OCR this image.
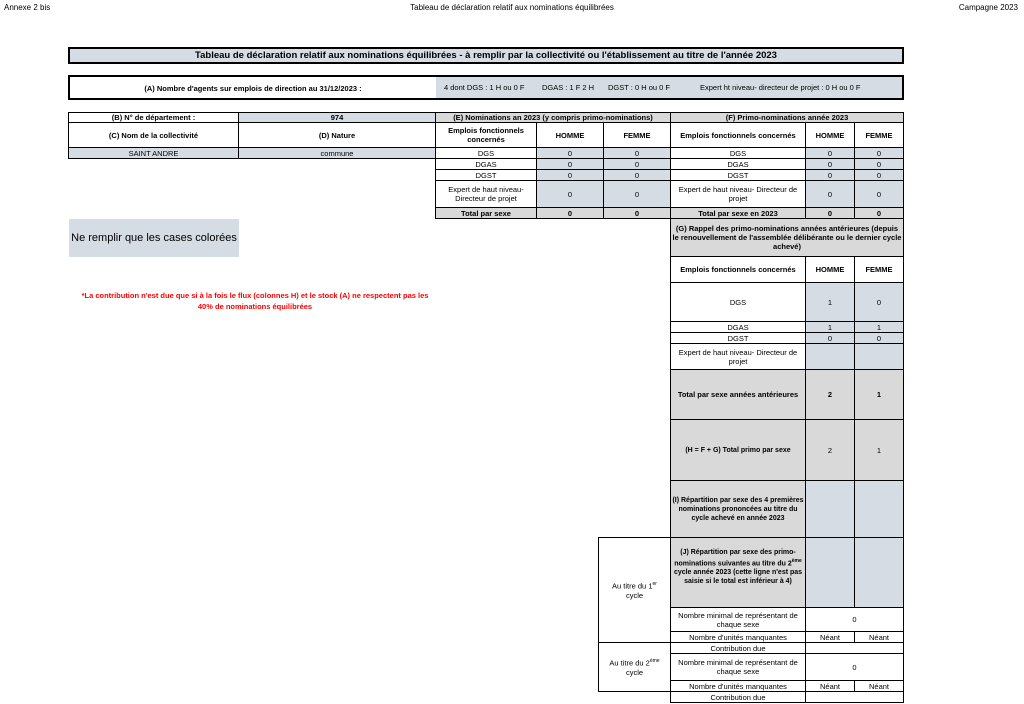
Annexe 2 bis	Tableau de déclaration relatif aux nominations équilibrées	Campagne 2023
Tableau de déclaration relatif aux nominations équilibrées - à remplir par la collectivité ou l'établissement au titre de l'année 2023
(A) Nombre d'agents sur emplois de direction au 31/12/2023 :	4 dont DGS : 1 H ou 0 F DGAS : 1 F 2 H DGST : 0 H ou 0 F	Expert ht niveau- directeur de projet : 0 H ou 0 F
(B) N° de département :	974
(C) Nom de la collectivité	(D) Nature
SAINT ANDRE	commune
Ne remplir que les cases colorées
*La contribution n'est due que si à la fois le flux (colonnes H) et le stock (A) ne respectent pas les
40% de nominations équilibrées
(E) Nominations an 2023 (y compris primo-nominations)
Emplois fonctionnels concernés	HOMME	FEMME
DGS	0	0
DGAS	0	0
DGST	0	0
Expert de haut niveau-Directeur de projet	0	0
Total par sexe	0	0
(F) Primo-nominations année 2023
Emplois fonctionnels concernés	HOMME	FEMME
DGS	0	0
DGAS	0	0
DGST	0	0
Expert de haut niveau- Directeur de projet	0	0
Total par sexe en 2023	0	0
(G) Rappel des primo-nominations années antérieures (depuis le renouvellement de l'assemblée délibérante ou le dernier cycle achevé)
Emplois fonctionnels concernés	HOMME	FEMME
DGS	1	0
DGAS	1	1
DGST	0	0
Expert de haut niveau- Directeur de projet
Total par sexe années antérieures	2	1
(H = F + G) Total primo par sexe	2	1
(I) Répartition par sexe des 4 premières nominations prononcées au titre du cycle achevé en année 2023
Au titre du 1er
cycle
(J) Répartition par sexe des primo-nominations suivantes au titre du 2ème cycle année 2023 (cette ligne n'est pas saisie si le total est inférieur à 4)
Nombre minimal de représentant de chaque sexe	0
Nombre d'unités manquantes	Néant	Néant
Contribution due
Au titre du 2ème
cycle
Nombre minimal de représentant de chaque sexe	0
Nombre d'unités manquantes	Néant	Néant
Contribution due
